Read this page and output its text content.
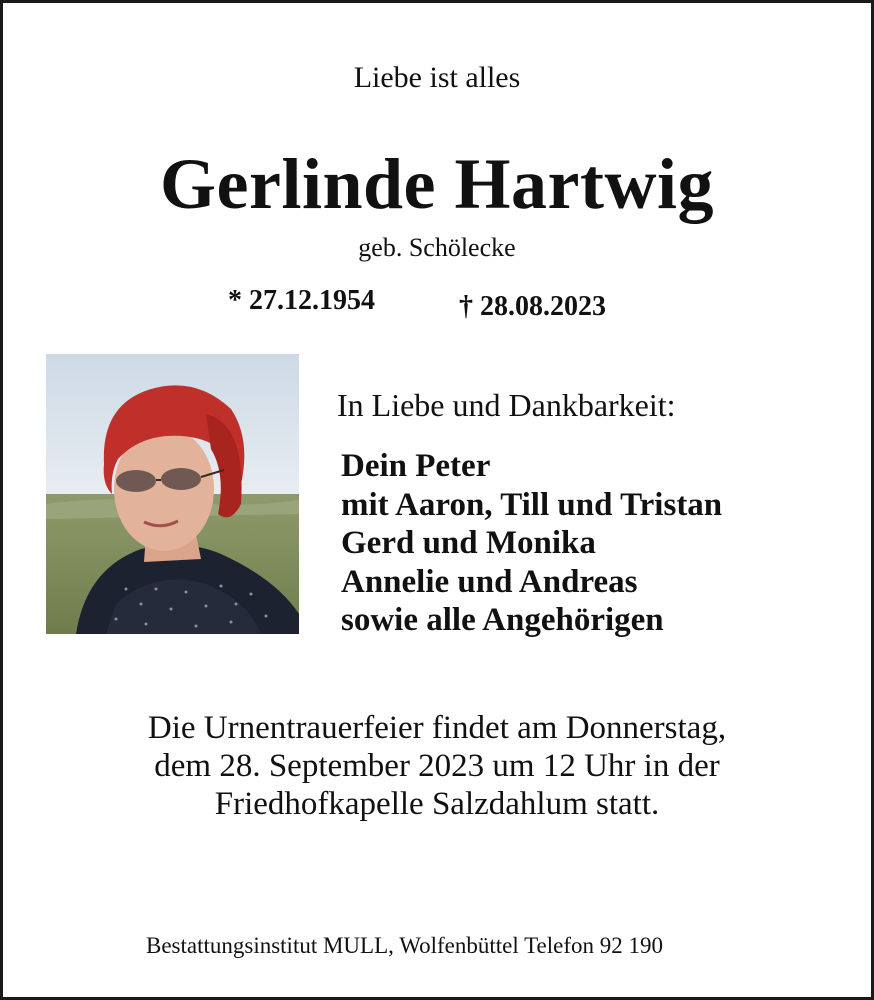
Liebe ist alles
Gerlinde Hartwig
geb. Schölecke
* 27.12.1954	† 28.08.2023
In Liebe und Dankbarkeit:
Dein Peter
mit Aaron, Till und Tristan
Gerd und Monika
Annelie und Andreas
sowie alle Angehörigen
Die Urnentrauerfeier findet am Donnerstag,
dem 28. September 2023 um 12 Uhr in der
Friedhofkapelle Salzdahlum statt.
Bestattungsinstitut MULL, Wolfenbüttel Telefon 92 190
